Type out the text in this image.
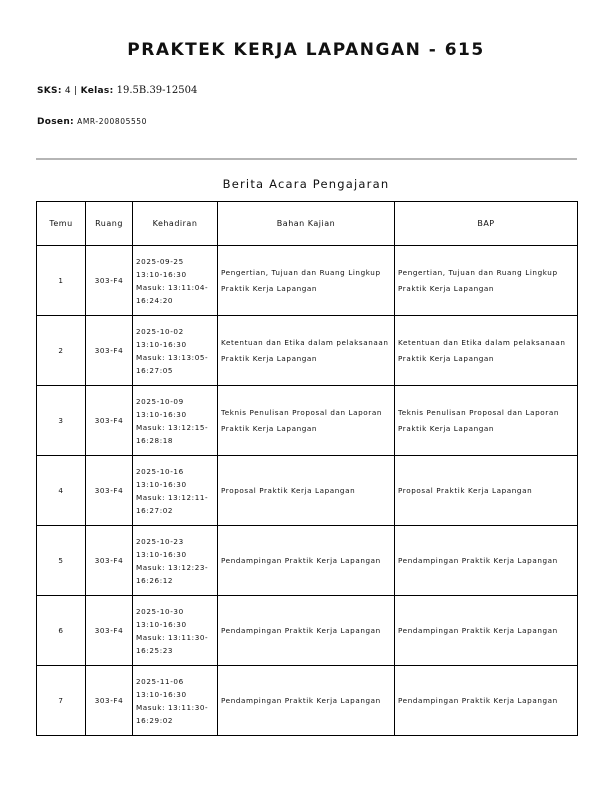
PRAKTEK KERJA LAPANGAN - 615
SKS: 4 | Kelas: 19.5B.39-12504
Dosen: AMR-200805550
Berita Acara Pengajaran
Temu	Ruang	Kehadiran	Bahan Kajian	BAP
1	303-F4	2025-09-25
13:10-16:30
Masuk: 13:11:04-
16:24:20	Pengertian, Tujuan dan Ruang Lingkup Praktik Kerja Lapangan	Pengertian, Tujuan dan Ruang Lingkup Praktik Kerja Lapangan
2	303-F4	2025-10-02
13:10-16:30
Masuk: 13:13:05-
16:27:05	Ketentuan dan Etika dalam pelaksanaan Praktik Kerja Lapangan	Ketentuan dan Etika dalam pelaksanaan Praktik Kerja Lapangan
3	303-F4	2025-10-09
13:10-16:30
Masuk: 13:12:15-
16:28:18	Teknis Penulisan Proposal dan Laporan Praktik Kerja Lapangan	Teknis Penulisan Proposal dan Laporan Praktik Kerja Lapangan
4	303-F4	2025-10-16
13:10-16:30
Masuk: 13:12:11-
16:27:02	Proposal Praktik Kerja Lapangan	Proposal Praktik Kerja Lapangan
5	303-F4	2025-10-23
13:10-16:30
Masuk: 13:12:23-
16:26:12	Pendampingan Praktik Kerja Lapangan	Pendampingan Praktik Kerja Lapangan
6	303-F4	2025-10-30
13:10-16:30
Masuk: 13:11:30-
16:25:23	Pendampingan Praktik Kerja Lapangan	Pendampingan Praktik Kerja Lapangan
7	303-F4	2025-11-06
13:10-16:30
Masuk: 13:11:30-
16:29:02	Pendampingan Praktik Kerja Lapangan	Pendampingan Praktik Kerja Lapangan
